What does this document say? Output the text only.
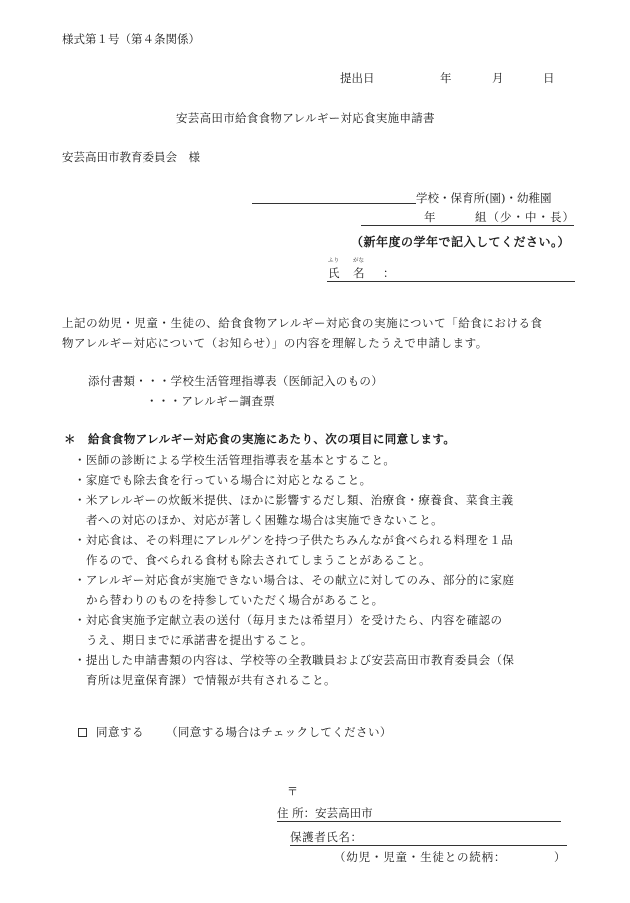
様式第１号（第４条関係）
提出日	年	月	日
安芸高田市給食食物アレルギー対応食実施申請書
安芸高田市教育委員会　様
学校・保育所(園)・幼稚園
年	組（少・中・長）
（新年度の学年で記入してください。）
ふり	がな
氏 名 ：
上記の幼児・児童・生徒の、給食食物アレルギー対応食の実施について「給食における食
物アレルギー対応について（お知らせ）」の内容を理解したうえで申請します。
添付書類・・・学校生活管理指導表（医師記入のもの）
・・・アレルギー調査票
＊ 給食食物アレルギー対応食の実施にあたり、次の項目に同意します。
・医師の診断による学校生活管理指導表を基本とすること。
・家庭でも除去食を行っている場合に対応となること。
・米アレルギーの炊飯米提供、ほかに影響するだし類、治療食・療養食、菜食主義
者への対応のほか、対応が著しく困難な場合は実施できないこと。
・対応食は、その料理にアレルゲンを持つ子供たちみんなが食べられる料理を１品
作るので、食べられる食材も除去されてしまうことがあること。
・アレルギー対応食が実施できない場合は、その献立に対してのみ、部分的に家庭
から替わりのものを持参していただく場合があること。
・対応食実施予定献立表の送付（毎月または希望月）を受けたら、内容を確認の
うえ、期日までに承諾書を提出すること。
・提出した申請書類の内容は、学校等の全教職員および安芸高田市教育委員会（保
育所は児童保育課）で情報が共有されること。
同意する （同意する場合はチェックしてください）
〒
住 所：安芸高田市
保護者氏名：
（幼児・児童・生徒との続柄：	）
